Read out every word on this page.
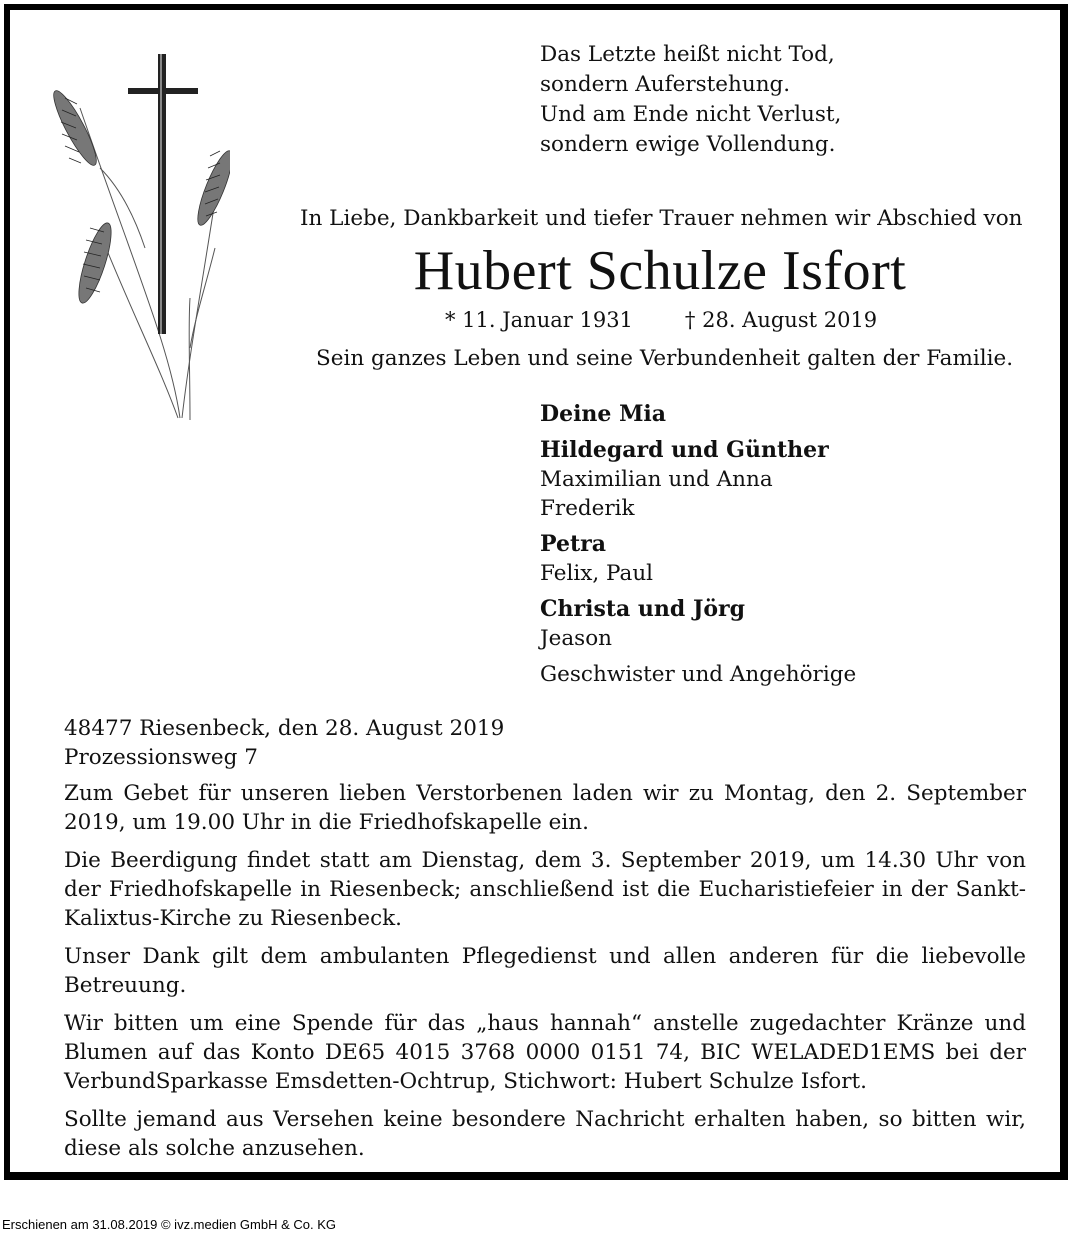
Das Letzte heißt nicht Tod,
sondern Auferstehung.
Und am Ende nicht Verlust,
sondern ewige Vollendung.
In Liebe, Dankbarkeit und tiefer Trauer nehmen wir Abschied von
Hubert Schulze Isfort
* 11. Januar 1931 † 28. August 2019
Sein ganzes Leben und seine Verbundenheit galten der Familie.
Deine Mia
Hildegard und Günther
Maximilian und Anna
Frederik
Petra
Felix, Paul
Christa und Jörg
Jeason
Geschwister und Angehörige
48477 Riesenbeck, den 28. August 2019
Prozessionsweg 7

Zum Gebet für unseren lieben Verstorbenen laden wir zu Montag, den 2. September 2019, um 19.00 Uhr in die Friedhofskapelle ein.

Die Beerdigung findet statt am Dienstag, dem 3. September 2019, um 14.30 Uhr von der Friedhofskapelle in Riesenbeck; anschließend ist die Eucharistiefeier in der Sankt-Kalixtus-Kirche zu Riesenbeck.

Unser Dank gilt dem ambulanten Pflegedienst und allen anderen für die liebevolle Betreuung.

Wir bitten um eine Spende für das „haus hannah“ anstelle zugedachter Kränze und Blumen auf das Konto DE65 4015 3768 0000 0151 74, BIC WELADED1EMS bei der VerbundSparkasse Emsdetten-Ochtrup, Stichwort: Hubert Schulze Isfort.

Sollte jemand aus Versehen keine besondere Nachricht erhalten haben, so bitten wir, diese als solche anzusehen.

Erschienen am 31.08.2019 © ivz.medien GmbH & Co. KG
